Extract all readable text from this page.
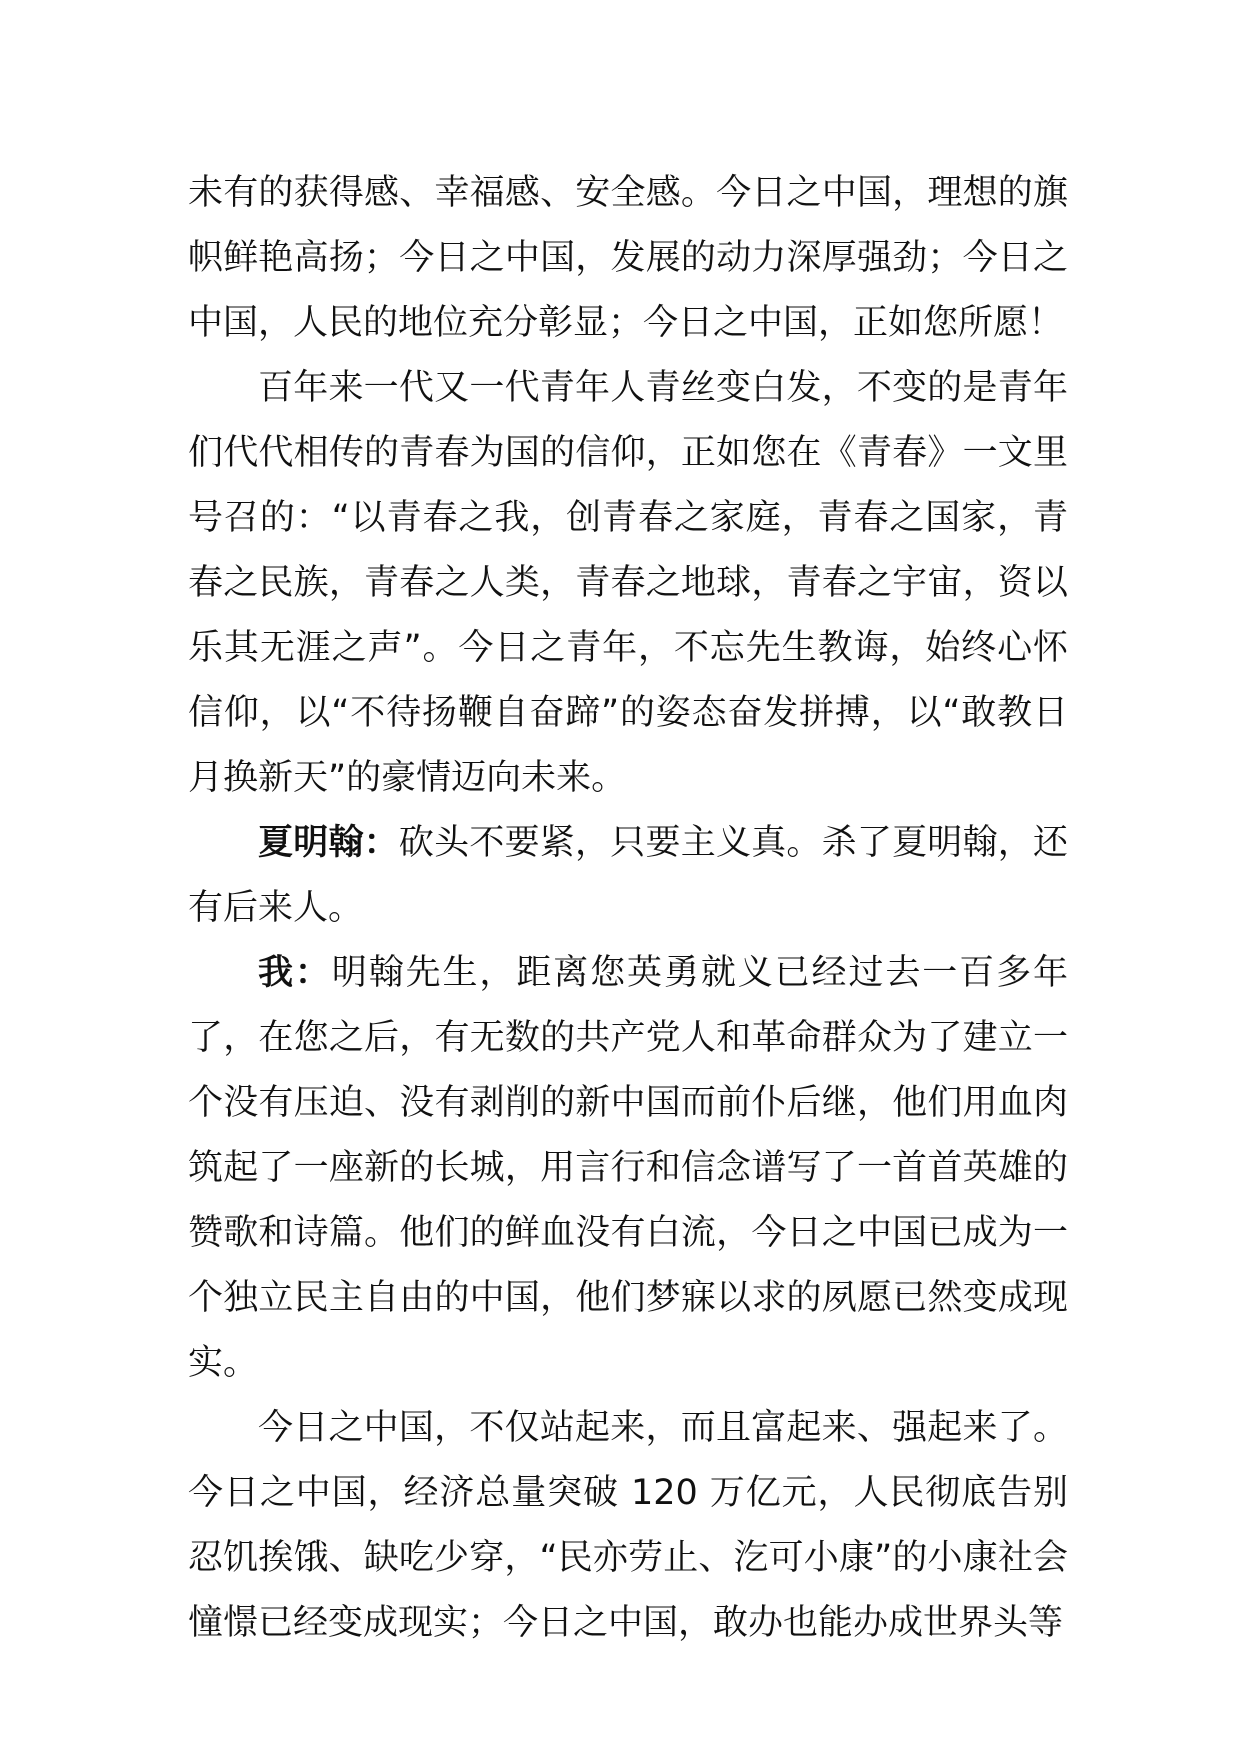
未有的获得感、幸福感、安全感。今日之中国，理想的旗帜鲜艳高扬；今日之中国，发展的动力深厚强劲；今日之中国，人民的地位充分彰显；今日之中国，正如您所愿！

百年来一代又一代青年人青丝变白发，不变的是青年们代代相传的青春为国的信仰，正如您在《青春》一文里号召的：“以青春之我，创青春之家庭，青春之国家，青春之民族，青春之人类，青春之地球，青春之宇宙，资以乐其无涯之声”。今日之青年，不忘先生教诲，始终心怀信仰，以“不待扬鞭自奋蹄”的姿态奋发拼搏，以“敢教日月换新天”的豪情迈向未来。

夏明翰：砍头不要紧，只要主义真。杀了夏明翰，还有后来人。

我：明翰先生，距离您英勇就义已经过去一百多年了，在您之后，有无数的共产党人和革命群众为了建立一个没有压迫、没有剥削的新中国而前仆后继，他们用血肉筑起了一座新的长城，用言行和信念谱写了一首首英雄的赞歌和诗篇。他们的鲜血没有白流，今日之中国已成为一个独立民主自由的中国，他们梦寐以求的夙愿已然变成现实。

今日之中国，不仅站起来，而且富起来、强起来了。今日之中国，经济总量突破 120 万亿元，人民彻底告别忍饥挨饿、缺吃少穿，“民亦劳止、汔可小康”的小康社会憧憬已经变成现实；今日之中国，敢办也能办成世界头等
